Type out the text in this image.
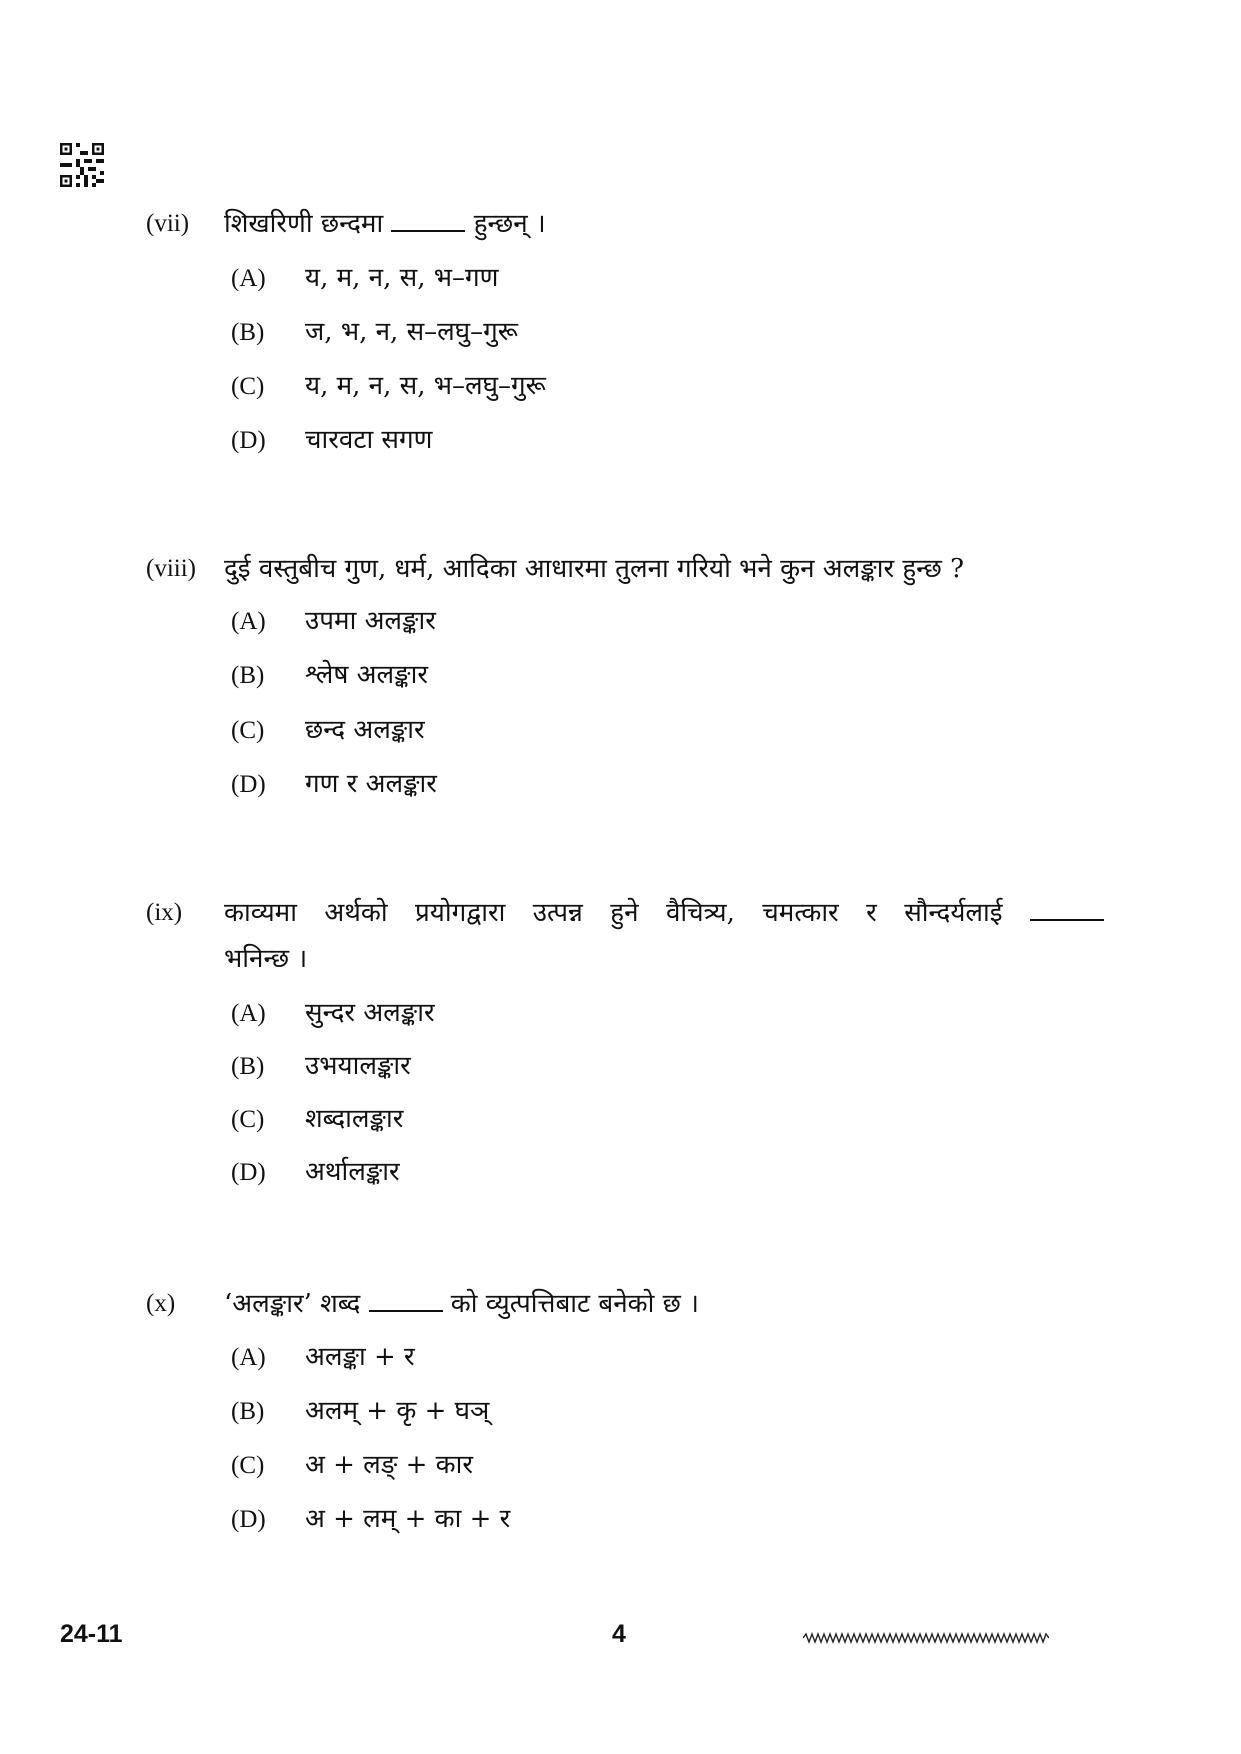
(vii) शिखरिणी छन्दमा	हुन्छन् ।
(A) य, म, न, स, भ–गण
(B) ज, भ, न, स–लघु–गुरू
(C) य, म, न, स, भ–लघु–गुरू
(D) चारवटा सगण
(viii) दुई वस्तुबीच गुण, धर्म, आदिका आधारमा तुलना गरियो भने कुन अलङ्कार हुन्छ ?
(A) उपमा अलङ्कार
(B) श्लेष अलङ्कार
(C) छन्द अलङ्कार
(D) गण र अलङ्कार
(ix) काव्यमा अर्थको प्रयोगद्वारा उत्पन्न हुने वैचित्र्य, चमत्कार र सौन्दर्यलाई
भनिन्छ ।
(A) सुन्दर अलङ्कार
(B) उभयालङ्कार
(C) शब्दालङ्कार
(D) अर्थालङ्कार
(x) ‘अलङ्कार’ शब्द	को व्युत्पत्तिबाट बनेको छ ।
(A) अलङ्का + र
(B) अलम् + कृ + घञ्
(C) अ + लङ् + कार
(D) अ + लम् + का + र
24-11	4
